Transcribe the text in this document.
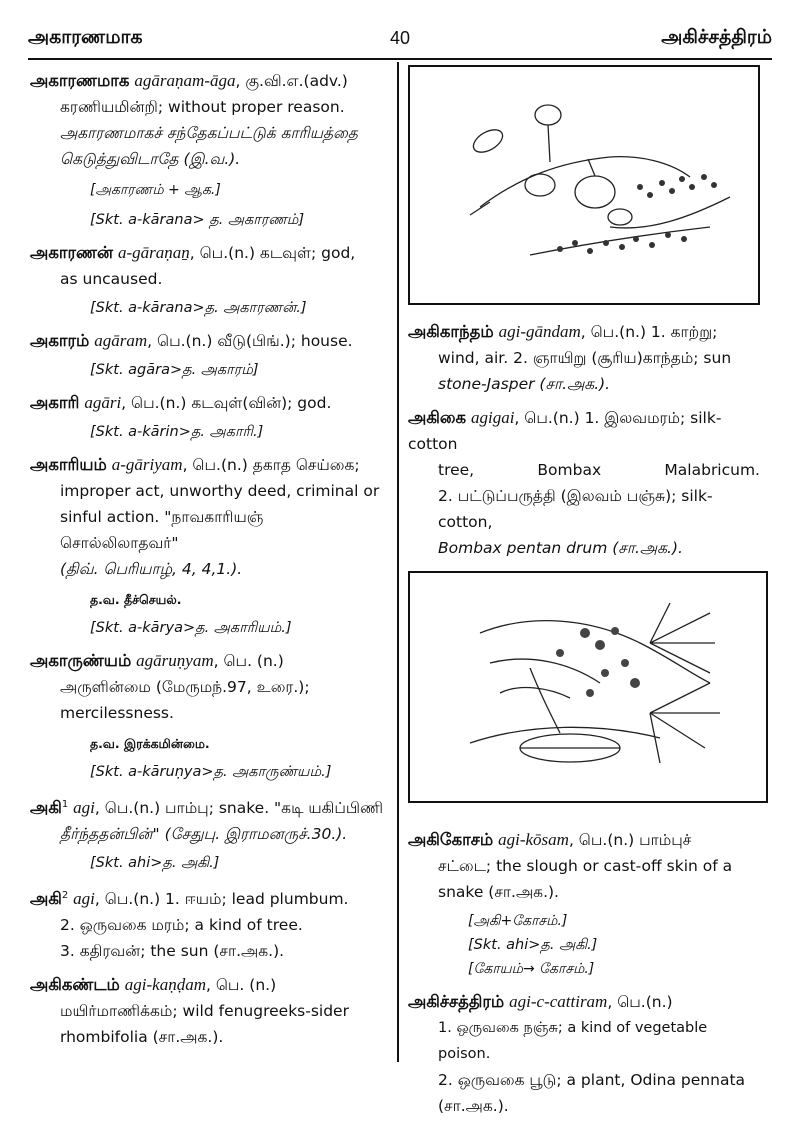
அகாரணமாக	40	அகிச்சத்திரம்
அகாரணமாக agāraṇam-āga, கு.வி.எ.(adv.)
கரணியமின்றி; without proper reason.
அகாரணமாகச் சந்தேகப்பட்டுக் காரியத்தை
கெடுத்துவிடாதே (இ.வ.).
[அகாரணம் + ஆக.]
[Skt. a-kārana> த. அகாரணம்]
அகாரணன் a-gāraṇaṉ, பெ.(n.) கடவுள்; god,
as uncaused.
[Skt. a-kārana>த. அகாரணன்.]
அகாரம் agāram, பெ.(n.) வீடு(பிங்.); house.
[Skt. agāra>த. அகாரம்]
அகாரி agāri, பெ.(n.) கடவுள்(வின்); god.
[Skt. a-kārin>த. அகாரி.]
அகாரியம் a-gāriyam, பெ.(n.) தகாத செய்கை;
improper act, unworthy deed, criminal or
sinful action. "நாவகாரியஞ் சொல்லிலாதவர்"
(திவ். பெரியாழ், 4, 4,1.).
த.வ. தீச்செயல்.
[Skt. a-kārya>த. அகாரியம்.]
அகாருண்யம் agāruṇyam, பெ. (n.)
அருளின்மை (மேருமந்.97, உரை.);
mercilessness.
த.வ. இரக்கமின்மை.
[Skt. a-kāruṇya>த. அகாருண்யம்.]
அகி$^1$ agi, பெ.(n.) பாம்பு; snake. "கடி யகிப்பிணி
தீர்ந்ததன்பின்" (சேதுபு. இராமனருச்.30.).
[Skt. ahi>த. அகி.]
அகி$^2$ agi, பெ.(n.) 1. ஈயம்; lead plumbum.
2. ஒருவகை மரம்; a kind of tree.
3. கதிரவன்; the sun (சா.அக.).
அகிகண்டம் agi-kaṇḍam, பெ. (n.)
மயிர்மாணிக்கம்; wild fenugreeks-sider
rhombifolia (சா.அக.).
அகிகாந்தம் agi-gāndam, பெ.(n.) 1. காற்று;
wind, air. 2. ஞாயிறு (சூரிய)காந்தம்; sun
stone-Jasper (சா.அக.).
அகிகை agigai, பெ.(n.) 1. இலவமரம்; silk-cotton
tree, Bombax Malabricum.
2. பட்டுப்பருத்தி (இலவம் பஞ்சு); silk-cotton,
Bombax pentan drum (சா.அக.).
அகிகோசம் agi-kōsam, பெ.(n.) பாம்புச்
சட்டை; the slough or cast-off skin of a
snake (சா.அக.).
[அகி+கோசம்.]
[Skt. ahi>த. அகி.]
[கோயம்→ கோசம்.]
அகிச்சத்திரம் agi-c-cattiram, பெ.(n.)
1. ஒருவகை நஞ்சு; a kind of vegetable poison.
2. ஒருவகை பூடு; a plant, Odina pennata
(சா.அக.).
